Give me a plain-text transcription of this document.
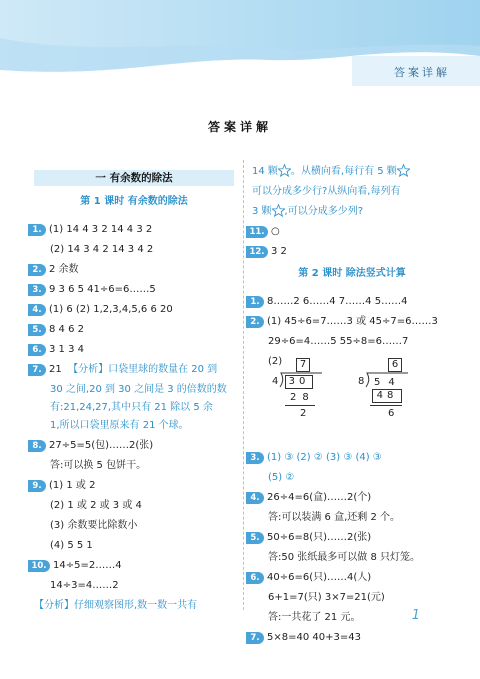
答案详解
答案详解
一 有余数的除法
第 1 课时 有余数的除法
1. (1) 14 4 3 2 14 4 3 2
(2) 14 3 4 2 14 3 4 2
2. 2 余数
3. 9 3 6 5 41÷6=6……5
4. (1) 6 (2) 1,2,3,4,5,6 6 20
5. 8 4 6 2
6. 3 1 3 4
7. 21 【分析】口袋里球的数量在 20 到
30 之间,20 到 30 之间是 3 的倍数的数
有:21,24,27,其中只有 21 除以 5 余
1,所以口袋里原来有 21 个球。
8. 27÷5=5(包)……2(张)
答:可以换 5 包饼干。
9. (1) 1 或 2
(2) 1 或 2 或 3 或 4
(3) 余数要比除数小
(4) 5 5 1
10. 14÷5=2……4
14÷3=4……2
【分析】仔细观察图形,数一数一共有
14 颗 。从横向看,每行有 5 颗
可以分成多少行?从纵向看,每列有
3 颗 ,可以分成多少列?
11. ○
12. 3 2
第 2 课时 除法竖式计算
1. 8……2 6……4 7……4 5……4
2. (1) 45÷6=7……3 或 45÷7=6……3
29÷6=4……5 55÷8=6……7
(2)	7
4	30
28
2
6
8 54
48
6
3. (1) ③ (2) ② (3) ③ (4) ③
(5) ②
4. 26÷4=6(盒)……2(个)
答:可以装满 6 盒,还剩 2 个。
5. 50÷6=8(只)……2(张)
答:50 张纸最多可以做 8 只灯笼。
6. 40÷6=6(只)……4(人)
6+1=7(只) 3×7=21(元)
答:一共花了 21 元。
7. 5×8=40 40+3=43
1
